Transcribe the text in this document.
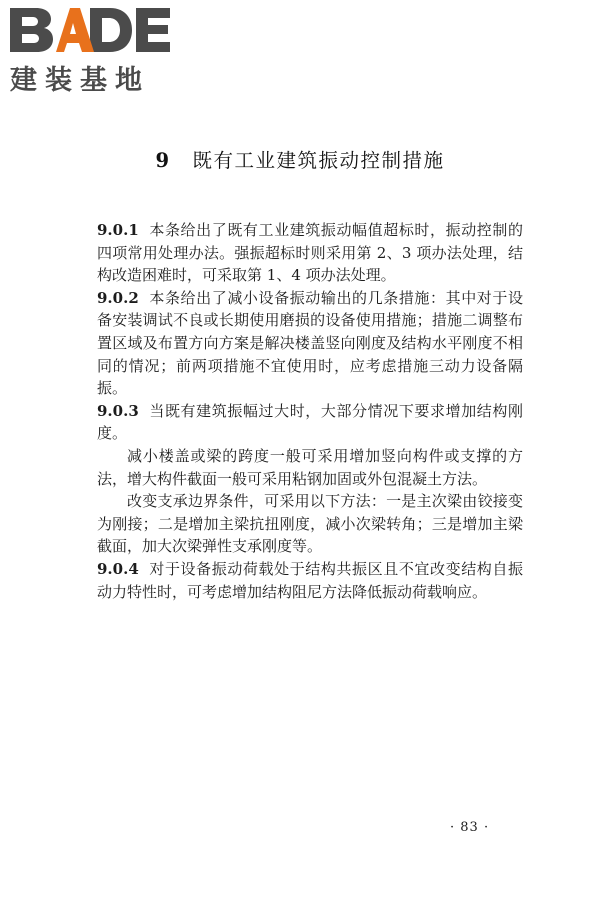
建装基地
9 既有工业建筑振动控制措施

9.0.1 本条给出了既有工业建筑振动幅值超标时，振动控制的四项常用处理办法。强振超标时则采用第 2、3 项办法处理，结构改造困难时，可采取第 1、4 项办法处理。

9.0.2 本条给出了减小设备振动输出的几条措施：其中对于设备安装调试不良或长期使用磨损的设备使用措施；措施二调整布置区域及布置方向方案是解决楼盖竖向刚度及结构水平刚度不相同的情况；前两项措施不宜使用时，应考虑措施三动力设备隔振。

9.0.3 当既有建筑振幅过大时，大部分情况下要求增加结构刚度。

减小楼盖或梁的跨度一般可采用增加竖向构件或支撑的方法，增大构件截面一般可采用粘钢加固或外包混凝土方法。

改变支承边界条件，可采用以下方法：一是主次梁由铰接变为刚接；二是增加主梁抗扭刚度，减小次梁转角；三是增加主梁截面，加大次梁弹性支承刚度等。

9.0.4 对于设备振动荷载处于结构共振区且不宜改变结构自振动力特性时，可考虑增加结构阻尼方法降低振动荷载响应。

· 83 ·
